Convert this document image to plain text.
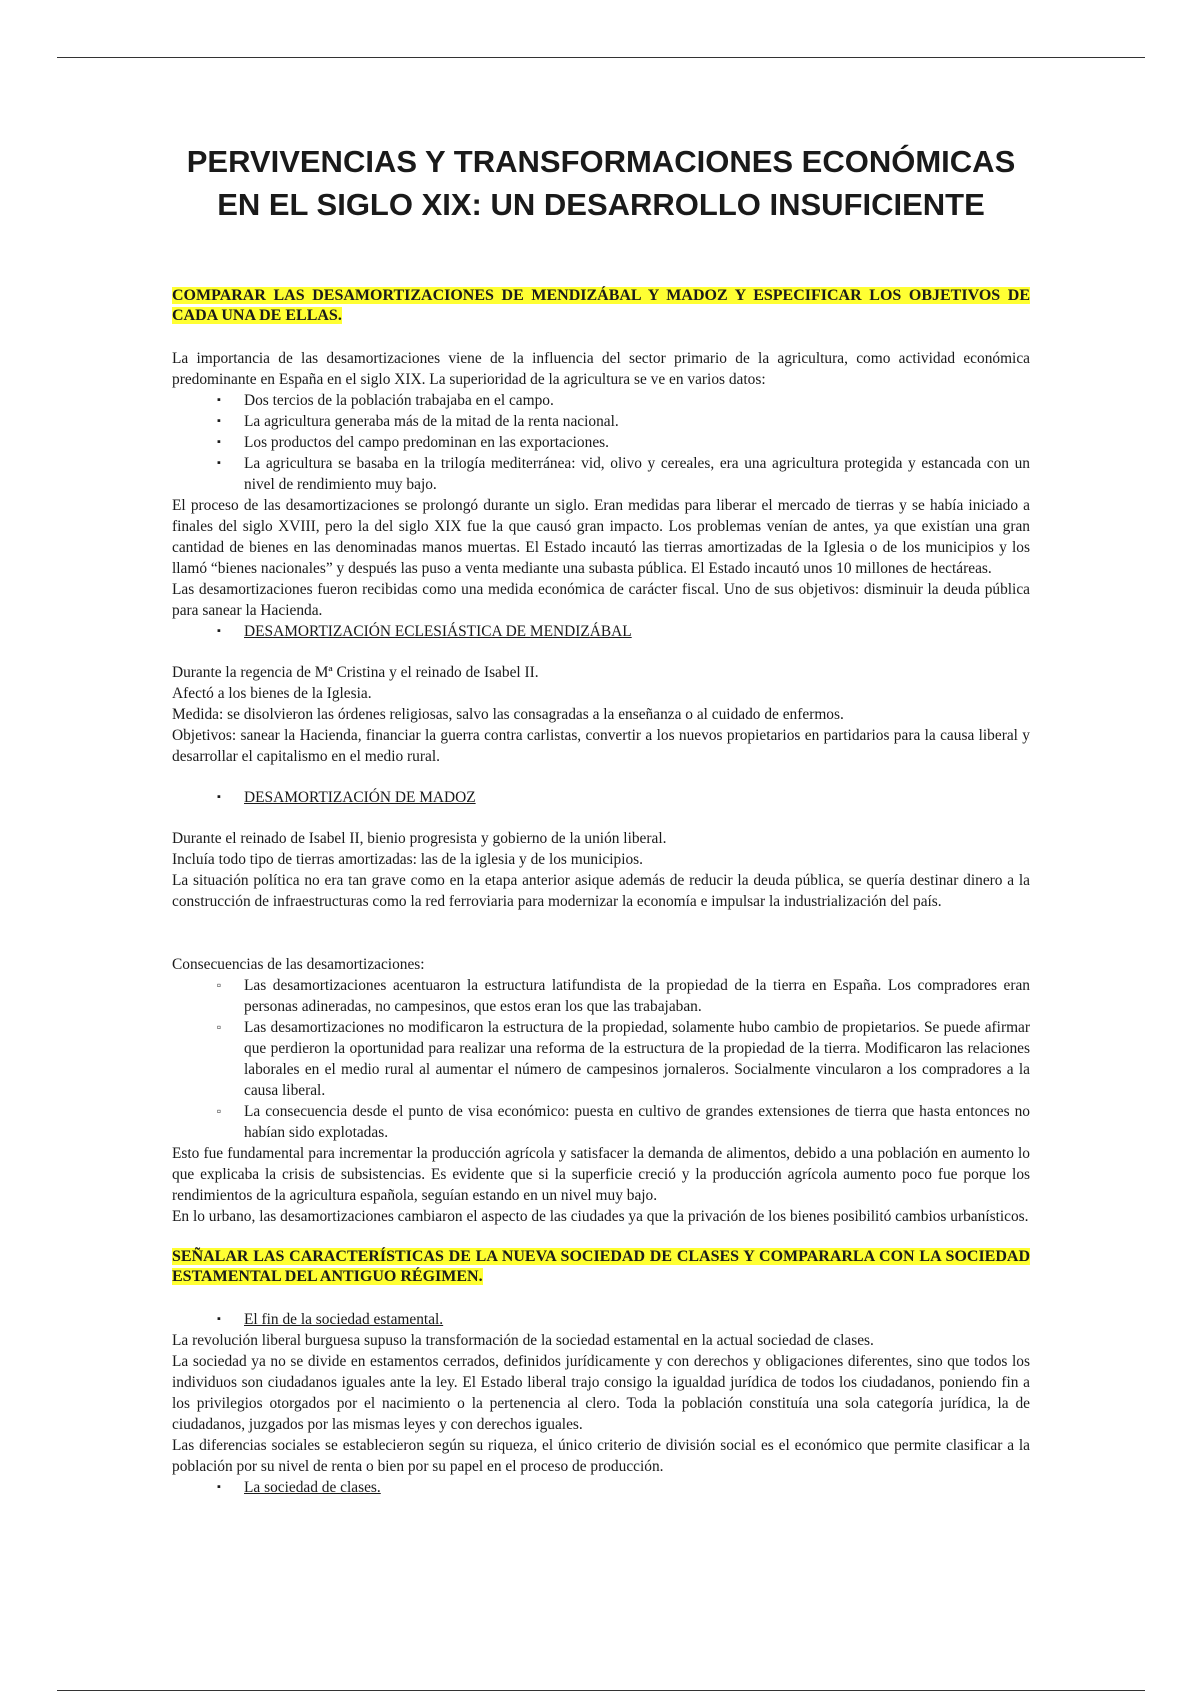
PERVIVENCIAS Y TRANSFORMACIONES ECONÓMICAS EN EL SIGLO XIX: UN DESARROLLO INSUFICIENTE

COMPARAR LAS DESAMORTIZACIONES DE MENDIZÁBAL Y MADOZ Y ESPECIFICAR LOS OBJETIVOS DE CADA UNA DE ELLAS.

La importancia de las desamortizaciones viene de la influencia del sector primario de la agricultura, como actividad económica predominante en España en el siglo XIX. La superioridad de la agricultura se ve en varios datos:

▪ Dos tercios de la población trabajaba en el campo.
▪ La agricultura generaba más de la mitad de la renta nacional.
▪ Los productos del campo predominan en las exportaciones.
▪ La agricultura se basaba en la trilogía mediterránea: vid, olivo y cereales, era una agricultura protegida y estancada con un nivel de rendimiento muy bajo.

El proceso de las desamortizaciones se prolongó durante un siglo. Eran medidas para liberar el mercado de tierras y se había iniciado a finales del siglo XVIII, pero la del siglo XIX fue la que causó gran impacto. Los problemas venían de antes, ya que existían una gran cantidad de bienes en las denominadas manos muertas. El Estado incautó las tierras amortizadas de la Iglesia o de los municipios y los llamó “bienes nacionales” y después las puso a venta mediante una subasta pública. El Estado incautó unos 10 millones de hectáreas.

Las desamortizaciones fueron recibidas como una medida económica de carácter fiscal. Uno de sus objetivos: disminuir la deuda pública para sanear la Hacienda.

▪ DESAMORTIZACIÓN ECLESIÁSTICA DE MENDIZÁBAL

Durante la regencia de Mª Cristina y el reinado de Isabel II.

Afectó a los bienes de la Iglesia.

Medida: se disolvieron las órdenes religiosas, salvo las consagradas a la enseñanza o al cuidado de enfermos.

Objetivos: sanear la Hacienda, financiar la guerra contra carlistas, convertir a los nuevos propietarios en partidarios para la causa liberal y desarrollar el capitalismo en el medio rural.

▪ DESAMORTIZACIÓN DE MADOZ

Durante el reinado de Isabel II, bienio progresista y gobierno de la unión liberal.

Incluía todo tipo de tierras amortizadas: las de la iglesia y de los municipios.

La situación política no era tan grave como en la etapa anterior asique además de reducir la deuda pública, se quería destinar dinero a la construcción de infraestructuras como la red ferroviaria para modernizar la economía e impulsar la industrialización del país.

Consecuencias de las desamortizaciones:

▫ Las desamortizaciones acentuaron la estructura latifundista de la propiedad de la tierra en España. Los compradores eran personas adineradas, no campesinos, que estos eran los que las trabajaban.
▫ Las desamortizaciones no modificaron la estructura de la propiedad, solamente hubo cambio de propietarios. Se puede afirmar que perdieron la oportunidad para realizar una reforma de la estructura de la propiedad de la tierra. Modificaron las relaciones laborales en el medio rural al aumentar el número de campesinos jornaleros. Socialmente vincularon a los compradores a la causa liberal.
▫ La consecuencia desde el punto de visa económico: puesta en cultivo de grandes extensiones de tierra que hasta entonces no habían sido explotadas.

Esto fue fundamental para incrementar la producción agrícola y satisfacer la demanda de alimentos, debido a una población en aumento lo que explicaba la crisis de subsistencias. Es evidente que si la superficie creció y la producción agrícola aumento poco fue porque los rendimientos de la agricultura española, seguían estando en un nivel muy bajo.

En lo urbano, las desamortizaciones cambiaron el aspecto de las ciudades ya que la privación de los bienes posibilitó cambios urbanísticos.

SEÑALAR LAS CARACTERÍSTICAS DE LA NUEVA SOCIEDAD DE CLASES Y COMPARARLA CON LA SOCIEDAD ESTAMENTAL DEL ANTIGUO RÉGIMEN.

▪ El fin de la sociedad estamental.

La revolución liberal burguesa supuso la transformación de la sociedad estamental en la actual sociedad de clases.

La sociedad ya no se divide en estamentos cerrados, definidos jurídicamente y con derechos y obligaciones diferentes, sino que todos los individuos son ciudadanos iguales ante la ley. El Estado liberal trajo consigo la igualdad jurídica de todos los ciudadanos, poniendo fin a los privilegios otorgados por el nacimiento o la pertenencia al clero. Toda la población constituía una sola categoría jurídica, la de ciudadanos, juzgados por las mismas leyes y con derechos iguales.

Las diferencias sociales se establecieron según su riqueza, el único criterio de división social es el económico que permite clasificar a la población por su nivel de renta o bien por su papel en el proceso de producción.

▪ La sociedad de clases.
